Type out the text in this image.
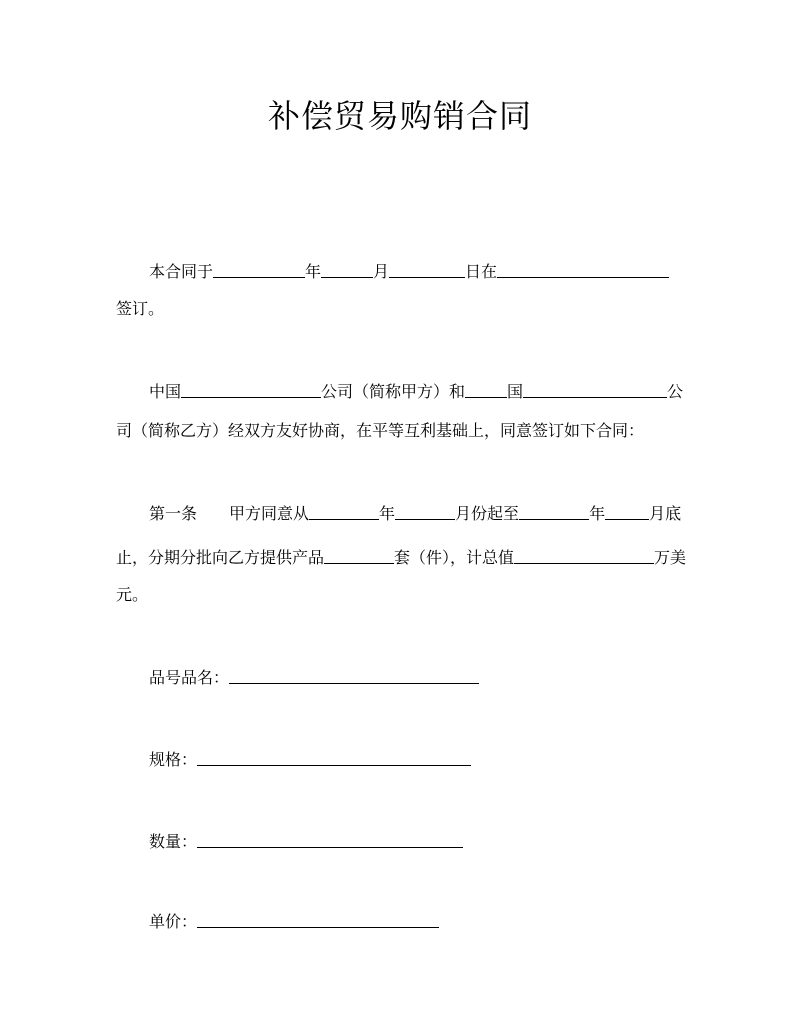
补偿贸易购销合同
本合同于	年	月	日在
签订。
中国	公司（简称甲方）和	国	公
司（简称乙方）经双方友好协商，在平等互利基础上，同意签订如下合同：
第一条 甲方同意从	年	月份起至	年	月底
止，分期分批向乙方提供产品	套（件），计总值	万美
元。
品号品名：
规格：
数量：
单价：
